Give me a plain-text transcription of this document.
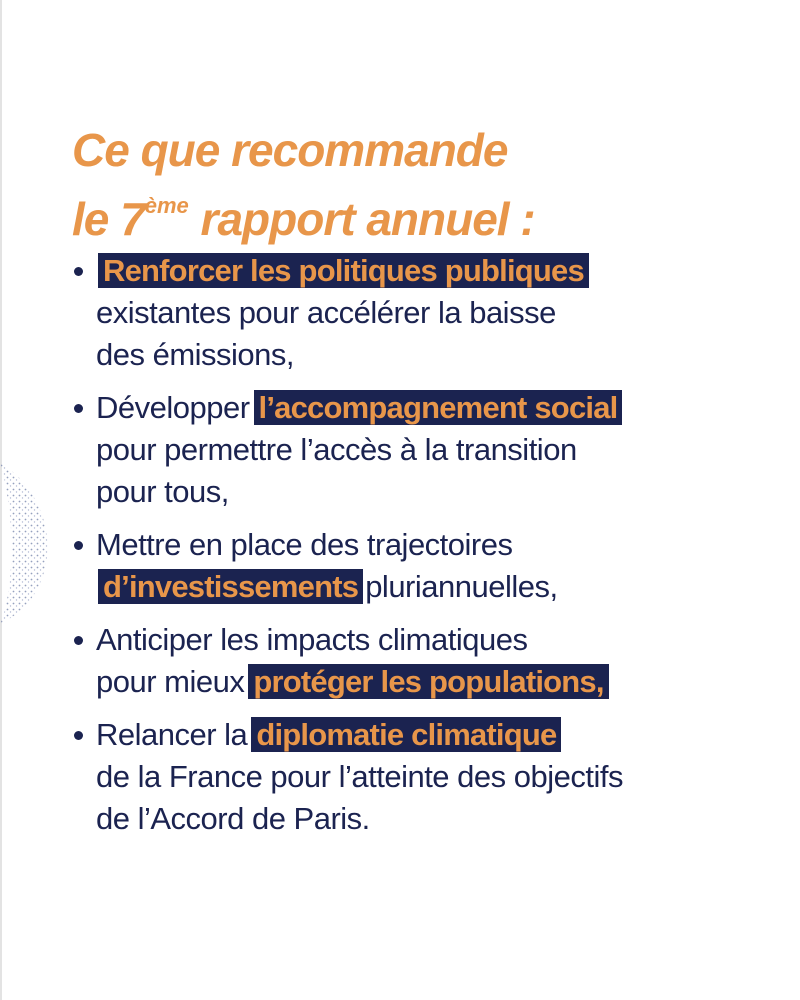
Ce que recommande
le 7ème rapport annuel :
Renforcer les politiques publiques
existantes pour accélérer la baisse
des émissions,
Développer l’accompagnement social
pour permettre l’accès à la transition
pour tous,
Mettre en place des trajectoires
d’investissements pluriannuelles,
Anticiper les impacts climatiques
pour mieux protéger les populations,
Relancer la diplomatie climatique
de la France pour l’atteinte des objectifs
de l’Accord de Paris.
